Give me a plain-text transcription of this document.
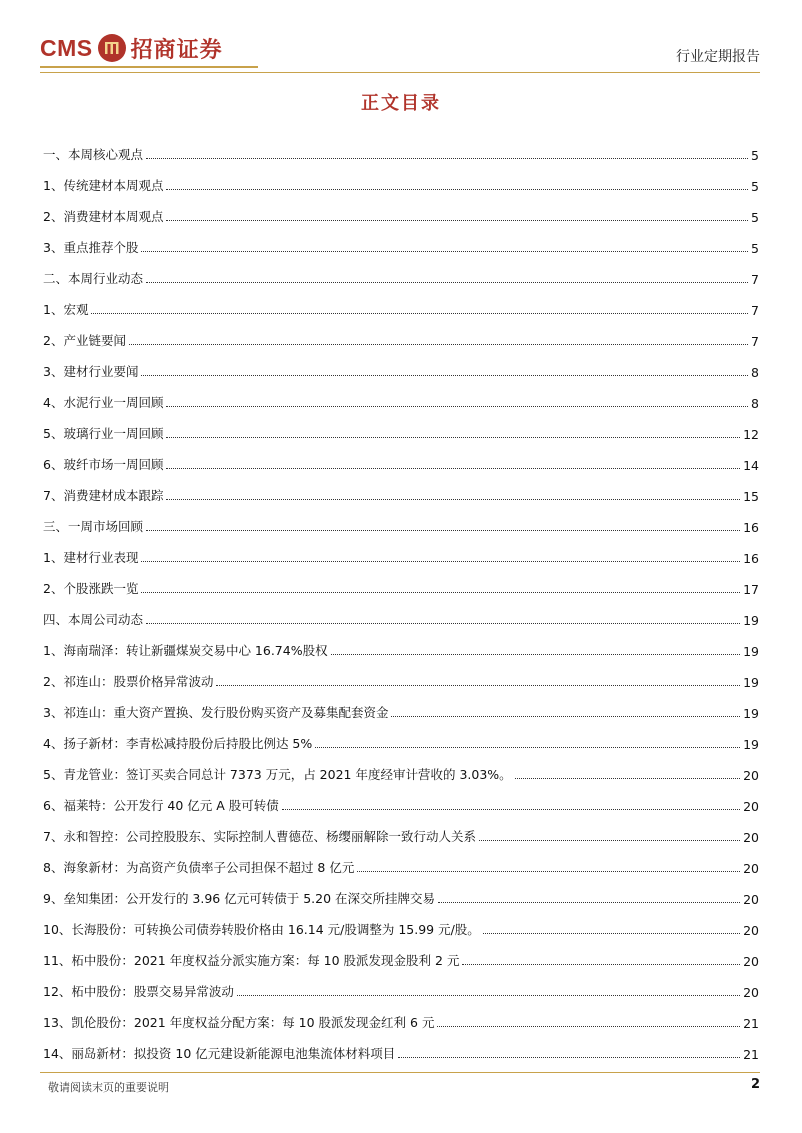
CMS 招商证券	行业定期报告
正文目录
一、本周核心观点	5
1、传统建材本周观点	5
2、消费建材本周观点	5
3、重点推荐个股	5
二、本周行业动态	7
1、宏观	7
2、产业链要闻	7
3、建材行业要闻	8
4、水泥行业一周回顾	8
5、玻璃行业一周回顾	12
6、玻纤市场一周回顾	14
7、消费建材成本跟踪	15
三、一周市场回顾	16
1、建材行业表现	16
2、个股涨跌一览	17
四、本周公司动态	19
1、海南瑞泽：转让新疆煤炭交易中心 16.74%股权	19
2、祁连山：股票价格异常波动	19
3、祁连山：重大资产置换、发行股份购买资产及募集配套资金	19
4、扬子新材：李青松减持股份后持股比例达 5%	19
5、青龙管业：签订买卖合同总计 7373 万元，占 2021 年度经审计营收的 3.03%。	20
6、福莱特：公开发行 40 亿元 A 股可转债	20
7、永和智控：公司控股股东、实际控制人曹德莅、杨缨丽解除一致行动人关系	20
8、海象新材：为高资产负债率子公司担保不超过 8 亿元	20
9、垒知集团：公开发行的 3.96 亿元可转债于 5.20 在深交所挂牌交易	20
10、长海股份：可转换公司债券转股价格由 16.14 元/股调整为 15.99 元/股。	20
11、柘中股份：2021 年度权益分派实施方案：每 10 股派发现金股利 2 元	20
12、柘中股份：股票交易异常波动	20
13、凯伦股份：2021 年度权益分配方案：每 10 股派发现金红利 6 元	21
14、丽岛新材：拟投资 10 亿元建设新能源电池集流体材料项目	21
敬请阅读末页的重要说明	2
